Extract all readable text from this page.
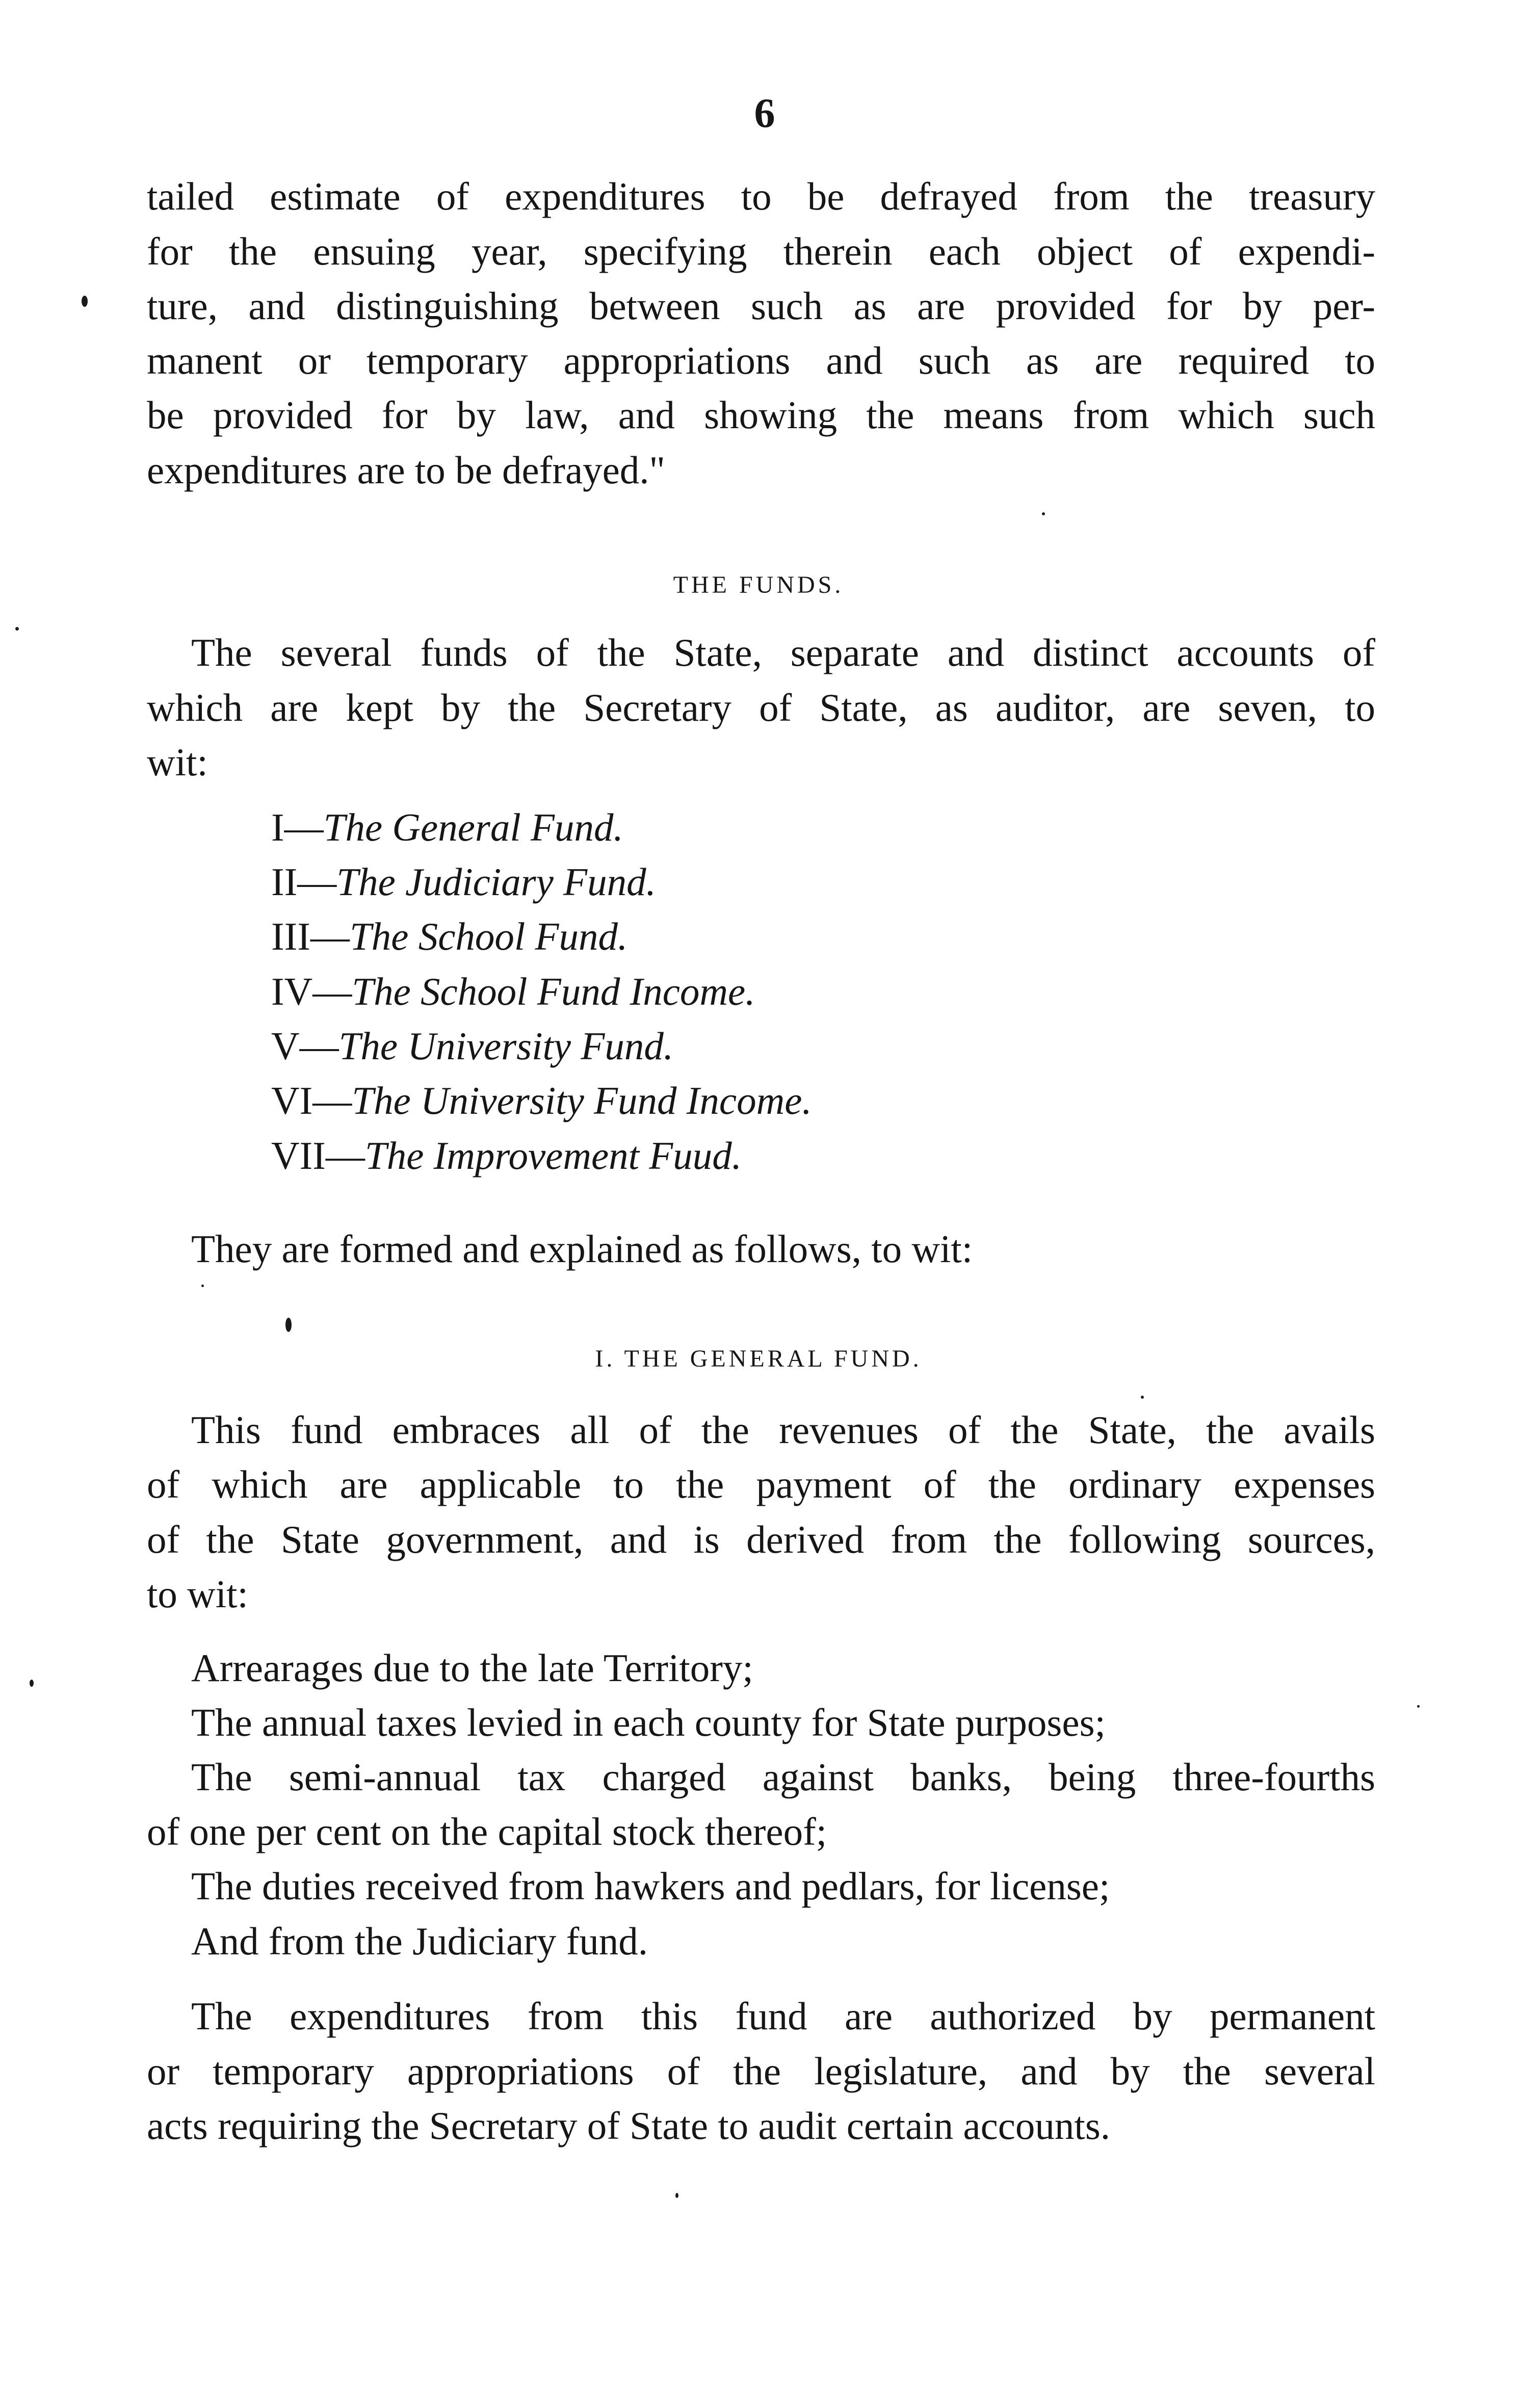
6
tailed estimate of expenditures to be defrayed from the treasury
for the ensuing year, specifying therein each object of expendi-
ture, and distinguishing between such as are provided for by per-
manent or temporary appropriations and such as are required to
be provided for by law, and showing the means from which such
expenditures are to be defrayed."
THE FUNDS.
The several funds of the State, separate and distinct accounts of
which are kept by the Secretary of State, as auditor, are seven, to
wit:
I—The General Fund.
II—The Judiciary Fund.
III—The School Fund.
IV—The School Fund Income.
V—The University Fund.
VI—The University Fund Income.
VII—The Improvement Fuud.
They are formed and explained as follows, to wit:
I. THE GENERAL FUND.
This fund embraces all of the revenues of the State, the avails
of which are applicable to the payment of the ordinary expenses
of the State government, and is derived from the following sources,
to wit:
Arrearages due to the late Territory;
The annual taxes levied in each county for State purposes;
The semi-annual tax charged against banks, being three-fourths
of one per cent on the capital stock thereof;
The duties received from hawkers and pedlars, for license;
And from the Judiciary fund.
The expenditures from this fund are authorized by permanent
or temporary appropriations of the legislature, and by the several
acts requiring the Secretary of State to audit certain accounts.
